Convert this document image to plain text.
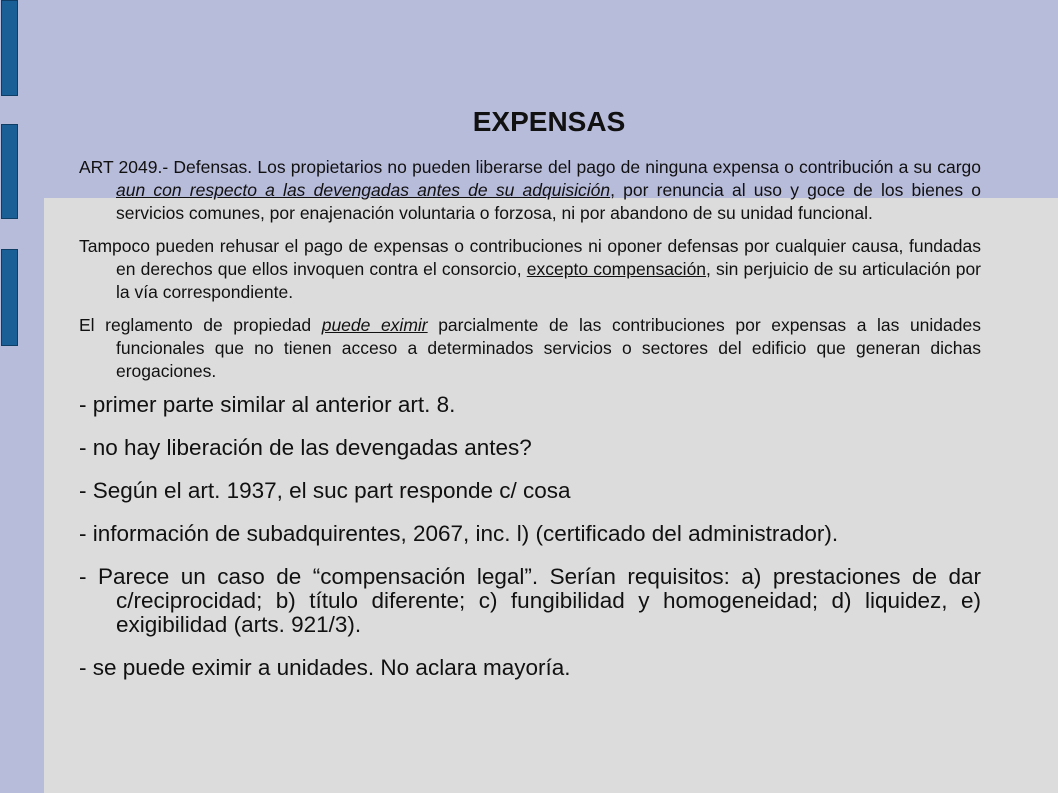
EXPENSAS

ART 2049.- Defensas. Los propietarios no pueden liberarse del pago de ninguna expensa o contribución a su cargo aun con respecto a las devengadas antes de su adquisición, por renuncia al uso y goce de los bienes o servicios comunes, por enajenación voluntaria o forzosa, ni por abandono de su unidad funcional.

Tampoco pueden rehusar el pago de expensas o contribuciones ni oponer defensas por cualquier causa, fundadas en derechos que ellos invoquen contra el consorcio, excepto compensación, sin perjuicio de su articulación por la vía correspondiente.

El reglamento de propiedad puede eximir parcialmente de las contribuciones por expensas a las unidades funcionales que no tienen acceso a determinados servicios o sectores del edificio que generan dichas erogaciones.

- primer parte similar al anterior art. 8.

- no hay liberación de las devengadas antes?

- Según el art. 1937, el suc part responde c/ cosa

- información de subadquirentes, 2067, inc. l) (certificado del administrador).

- Parece un caso de “compensación legal”. Serían requisitos: a) prestaciones de dar c/reciprocidad; b) título diferente; c) fungibilidad y homogeneidad; d) liquidez, e) exigibilidad (arts. 921/3).

- se puede eximir a unidades. No aclara mayoría.
